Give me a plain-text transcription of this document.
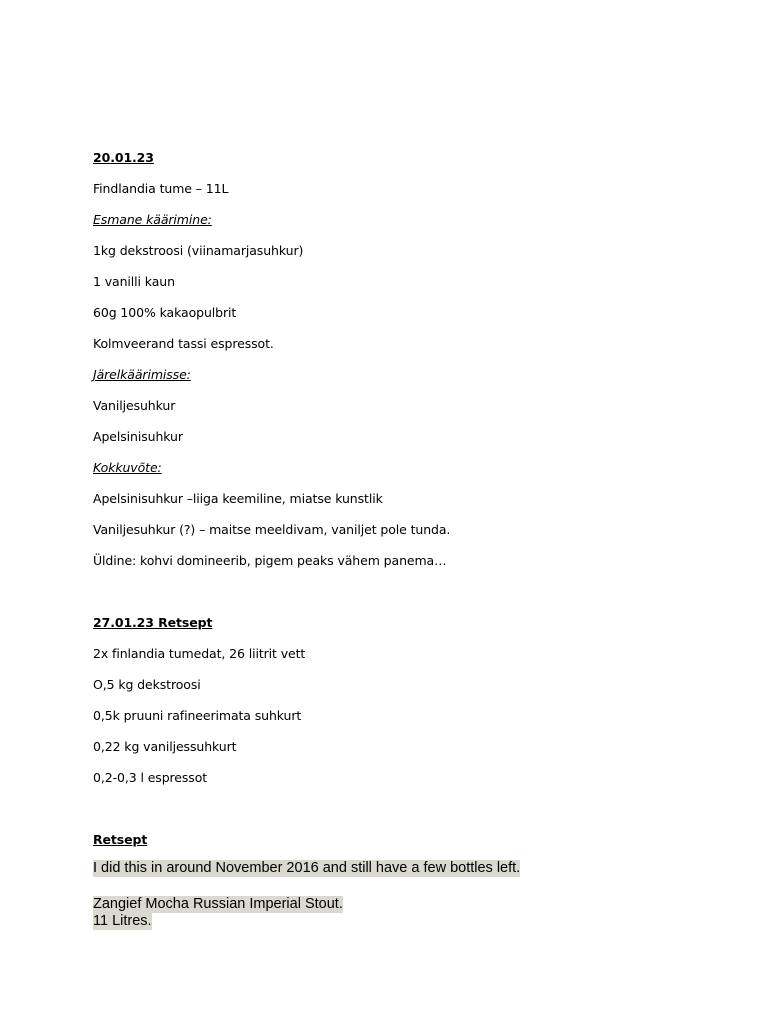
20.01.23
Findlandia tume – 11L
Esmane käärimine:
1kg dekstroosi (viinamarjasuhkur)
1 vanilli kaun
60g 100% kakaopulbrit
Kolmveerand tassi espressot.
Järelkäärimisse:
Vaniljesuhkur
Apelsinisuhkur
Kokkuvõte:
Apelsinisuhkur –liiga keemiline, miatse kunstlik
Vaniljesuhkur (?) – maitse meeldivam, vaniljet pole tunda.
Üldine: kohvi domineerib, pigem peaks vähem panema…
27.01.23 Retsept
2x finlandia tumedat, 26 liitrit vett
O,5 kg dekstroosi
0,5k pruuni rafineerimata suhkurt
0,22 kg vaniljessuhkurt
0,2-0,3 l espressot
Retsept
I did this in around November 2016 and still have a few bottles left.
Zangief Mocha Russian Imperial Stout.
11 Litres.
